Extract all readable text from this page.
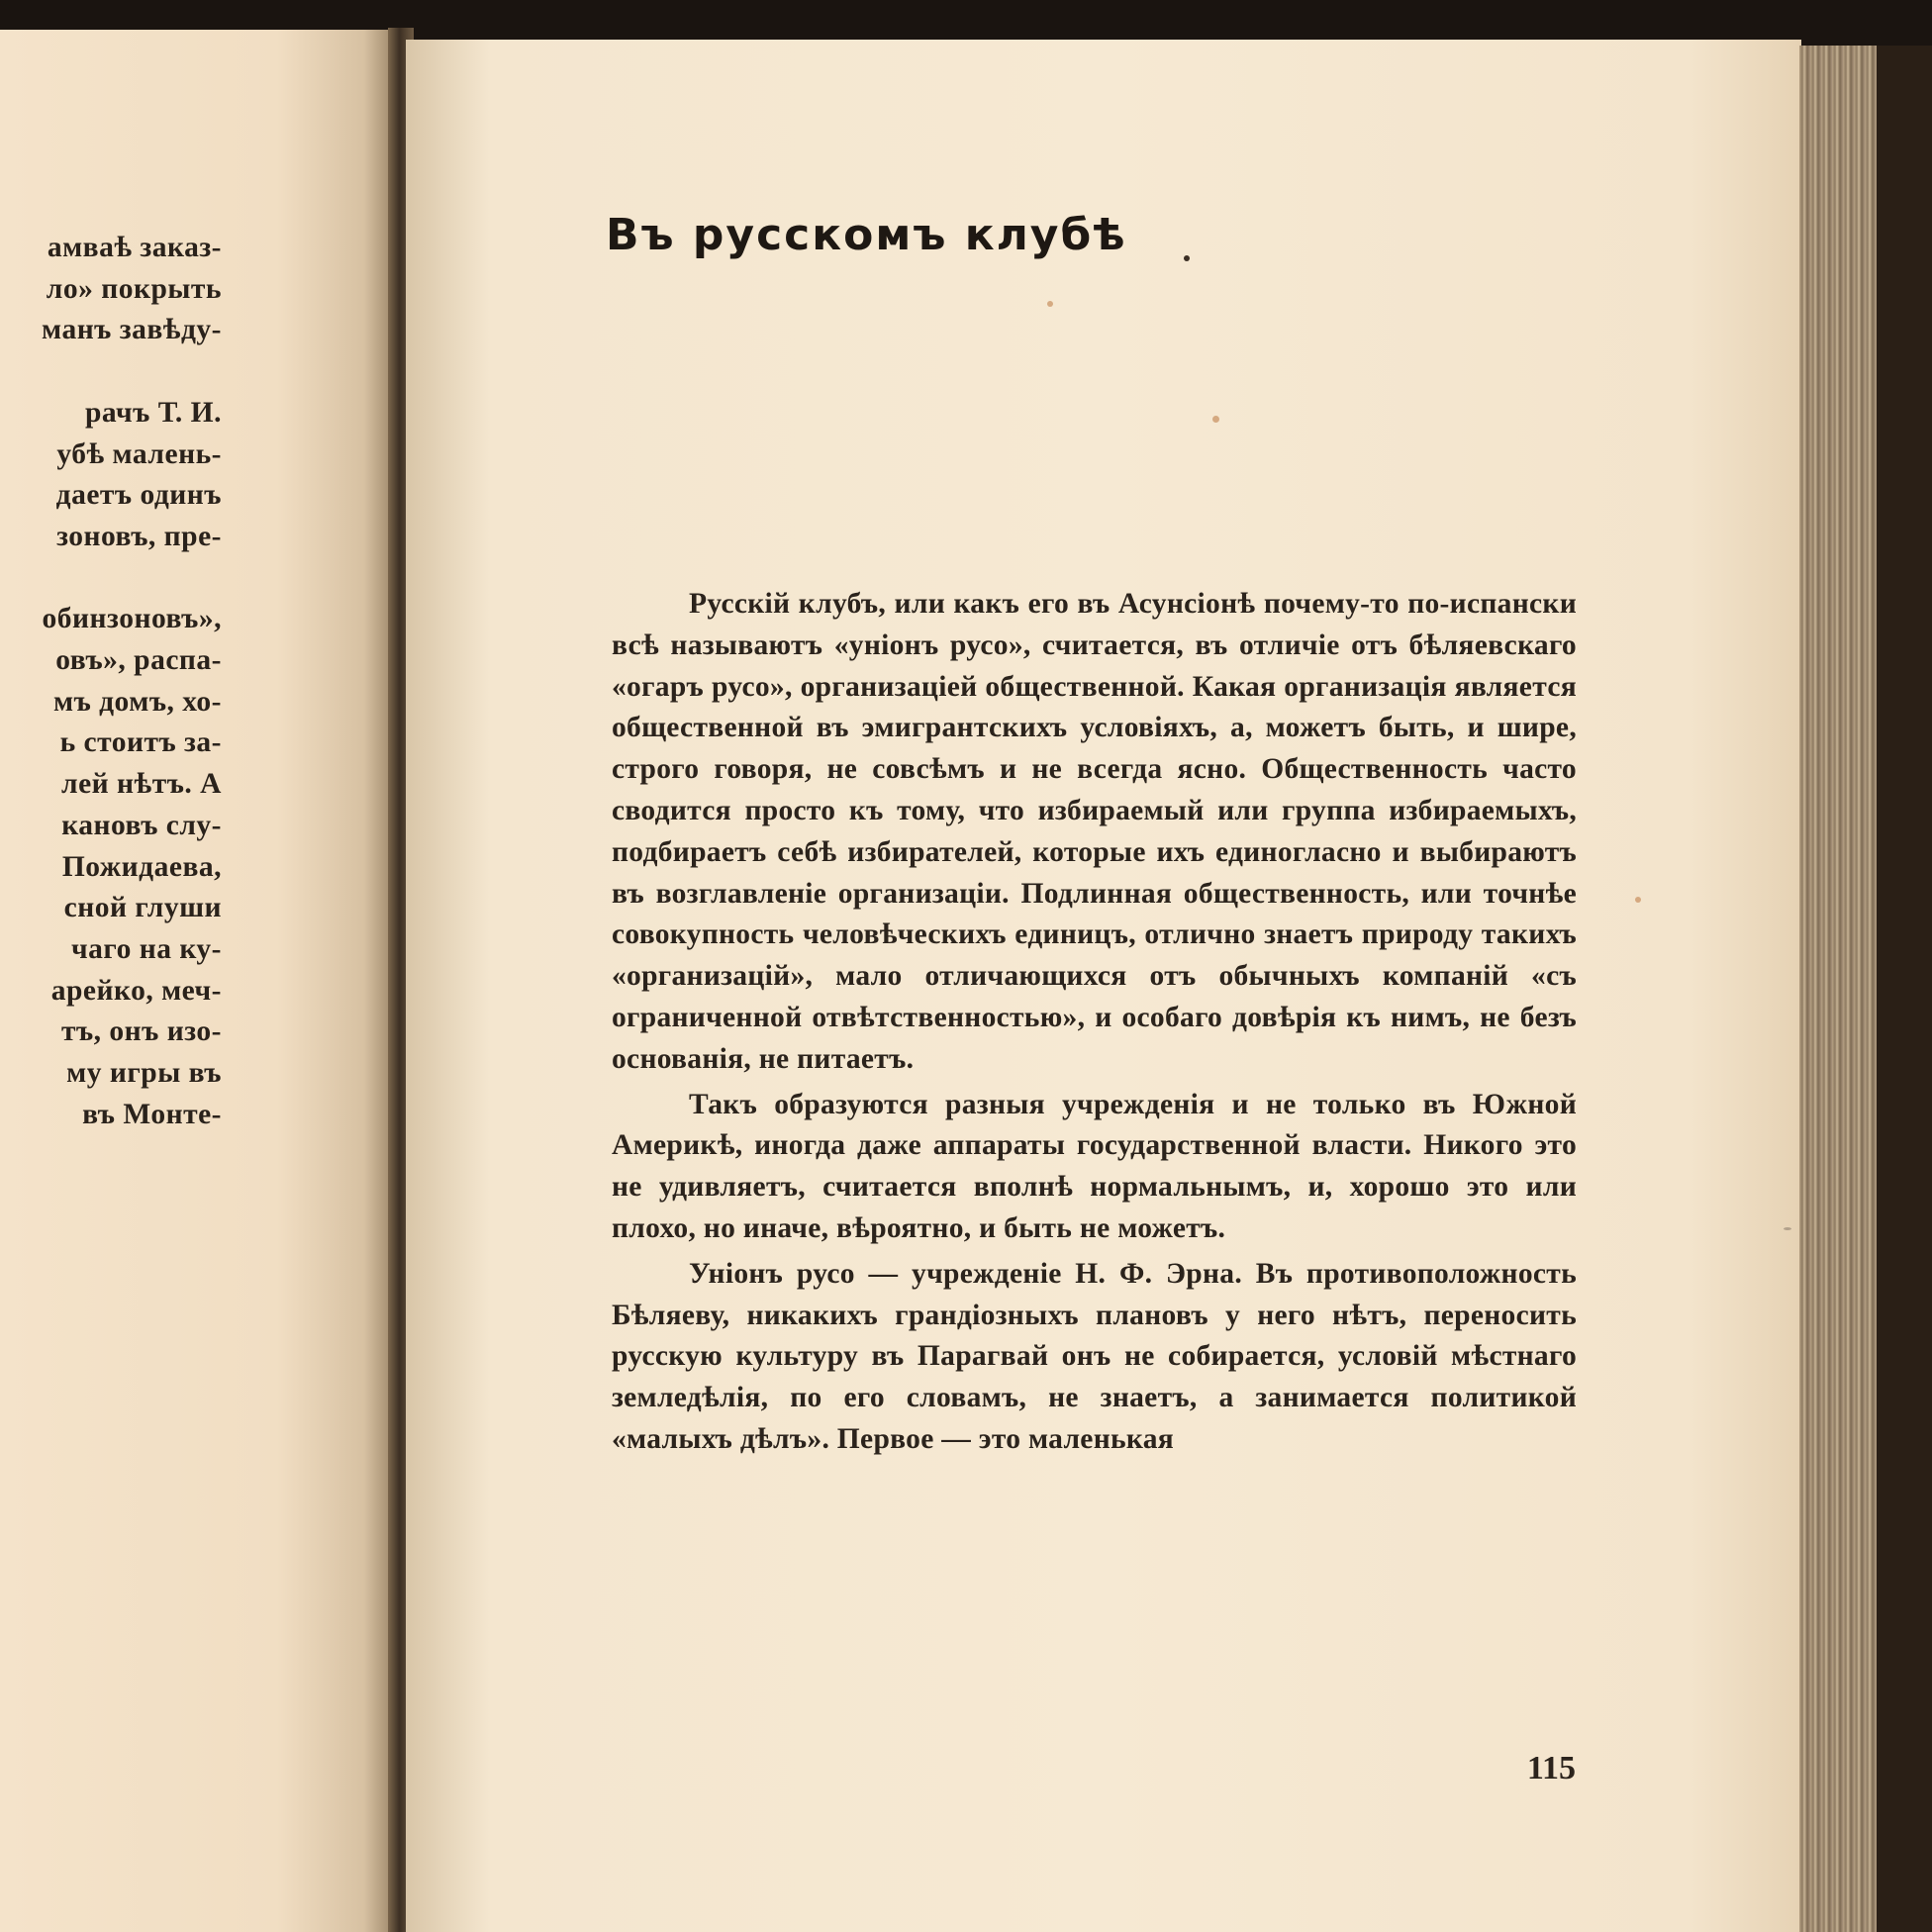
амваѣ заказ-
ло» покрыть
манъ завѣду-
рачъ Т. И.
убѣ малень-
даетъ одинъ
зоновъ, пре-
обинзоновъ»,
овъ», распа-
мъ домъ, хо-
ь стоитъ за-
лей нѣтъ. А
кановъ слу-
Пожидаева,
сной глуши
чаго на ку-
арейко, меч-
тъ, онъ изо-
му игры въ
въ Монте-
Въ русскомъ клубѣ
Русскій клубъ, или какъ его въ Асунсіонѣ почему-то по-испански всѣ называютъ «уніонъ русо», считается, въ отличіе отъ бѣляевскаго «огаръ русо», организаціей общественной. Какая организація является общественной въ эмигрантскихъ условіяхъ, а, можетъ быть, и шире, строго говоря, не совсѣмъ и не всегда ясно. Общественность часто сводится просто къ тому, что избираемый или группа избираемыхъ, подбираетъ себѣ избирателей, которые ихъ единогласно и выбираютъ въ возглавленіе организаціи. Подлинная общественность, или точнѣе совокупность человѣческихъ единицъ, отлично знаетъ природу такихъ «организацій», мало отличающихся отъ обычныхъ компаній «съ ограниченной отвѣтственностью», и особаго довѣрія къ нимъ, не безъ основанія, не питаетъ.
Такъ образуются разныя учрежденія и не только въ Южной Америкѣ, иногда даже аппараты государственной власти. Никого это не удивляетъ, считается вполнѣ нормальнымъ, и, хорошо это или плохо, но иначе, вѣроятно, и быть не можетъ.
Уніонъ русо — учрежденіе Н. Ф. Эрна. Въ противоположность Бѣляеву, никакихъ грандіозныхъ плановъ у него нѣтъ, переносить русскую культуру въ Парагвай онъ не собирается, условій мѣстнаго земледѣлія, по его словамъ, не знаетъ, а занимается политикой «малыхъ дѣлъ». Первое — это маленькая
115
